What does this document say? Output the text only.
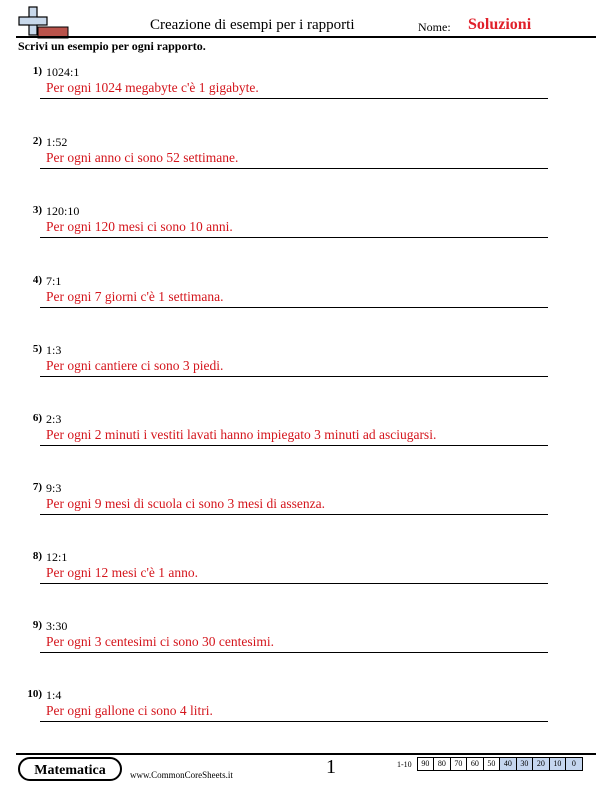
Creazione di esempi per i rapporti	Nome: Soluzioni
Scrivi un esempio per ogni rapporto.
1) 1024:1
Per ogni 1024 megabyte c'è 1 gigabyte.
2) 1:52
Per ogni anno ci sono 52 settimane.
3) 120:10
Per ogni 120 mesi ci sono 10 anni.
4) 7:1
Per ogni 7 giorni c'è 1 settimana.
5) 1:3
Per ogni cantiere ci sono 3 piedi.
6) 2:3
Per ogni 2 minuti i vestiti lavati hanno impiegato 3 minuti ad asciugarsi.
7) 9:3
Per ogni 9 mesi di scuola ci sono 3 mesi di assenza.
8) 12:1
Per ogni 12 mesi c'è 1 anno.
9) 3:30
Per ogni 3 centesimi ci sono 30 centesimi.
10) 1:4
Per ogni gallone ci sono 4 litri.
Matematica	www.CommonCoreSheets.it	1	1-10	90	80	70	60	50	40	30	20	10	0
